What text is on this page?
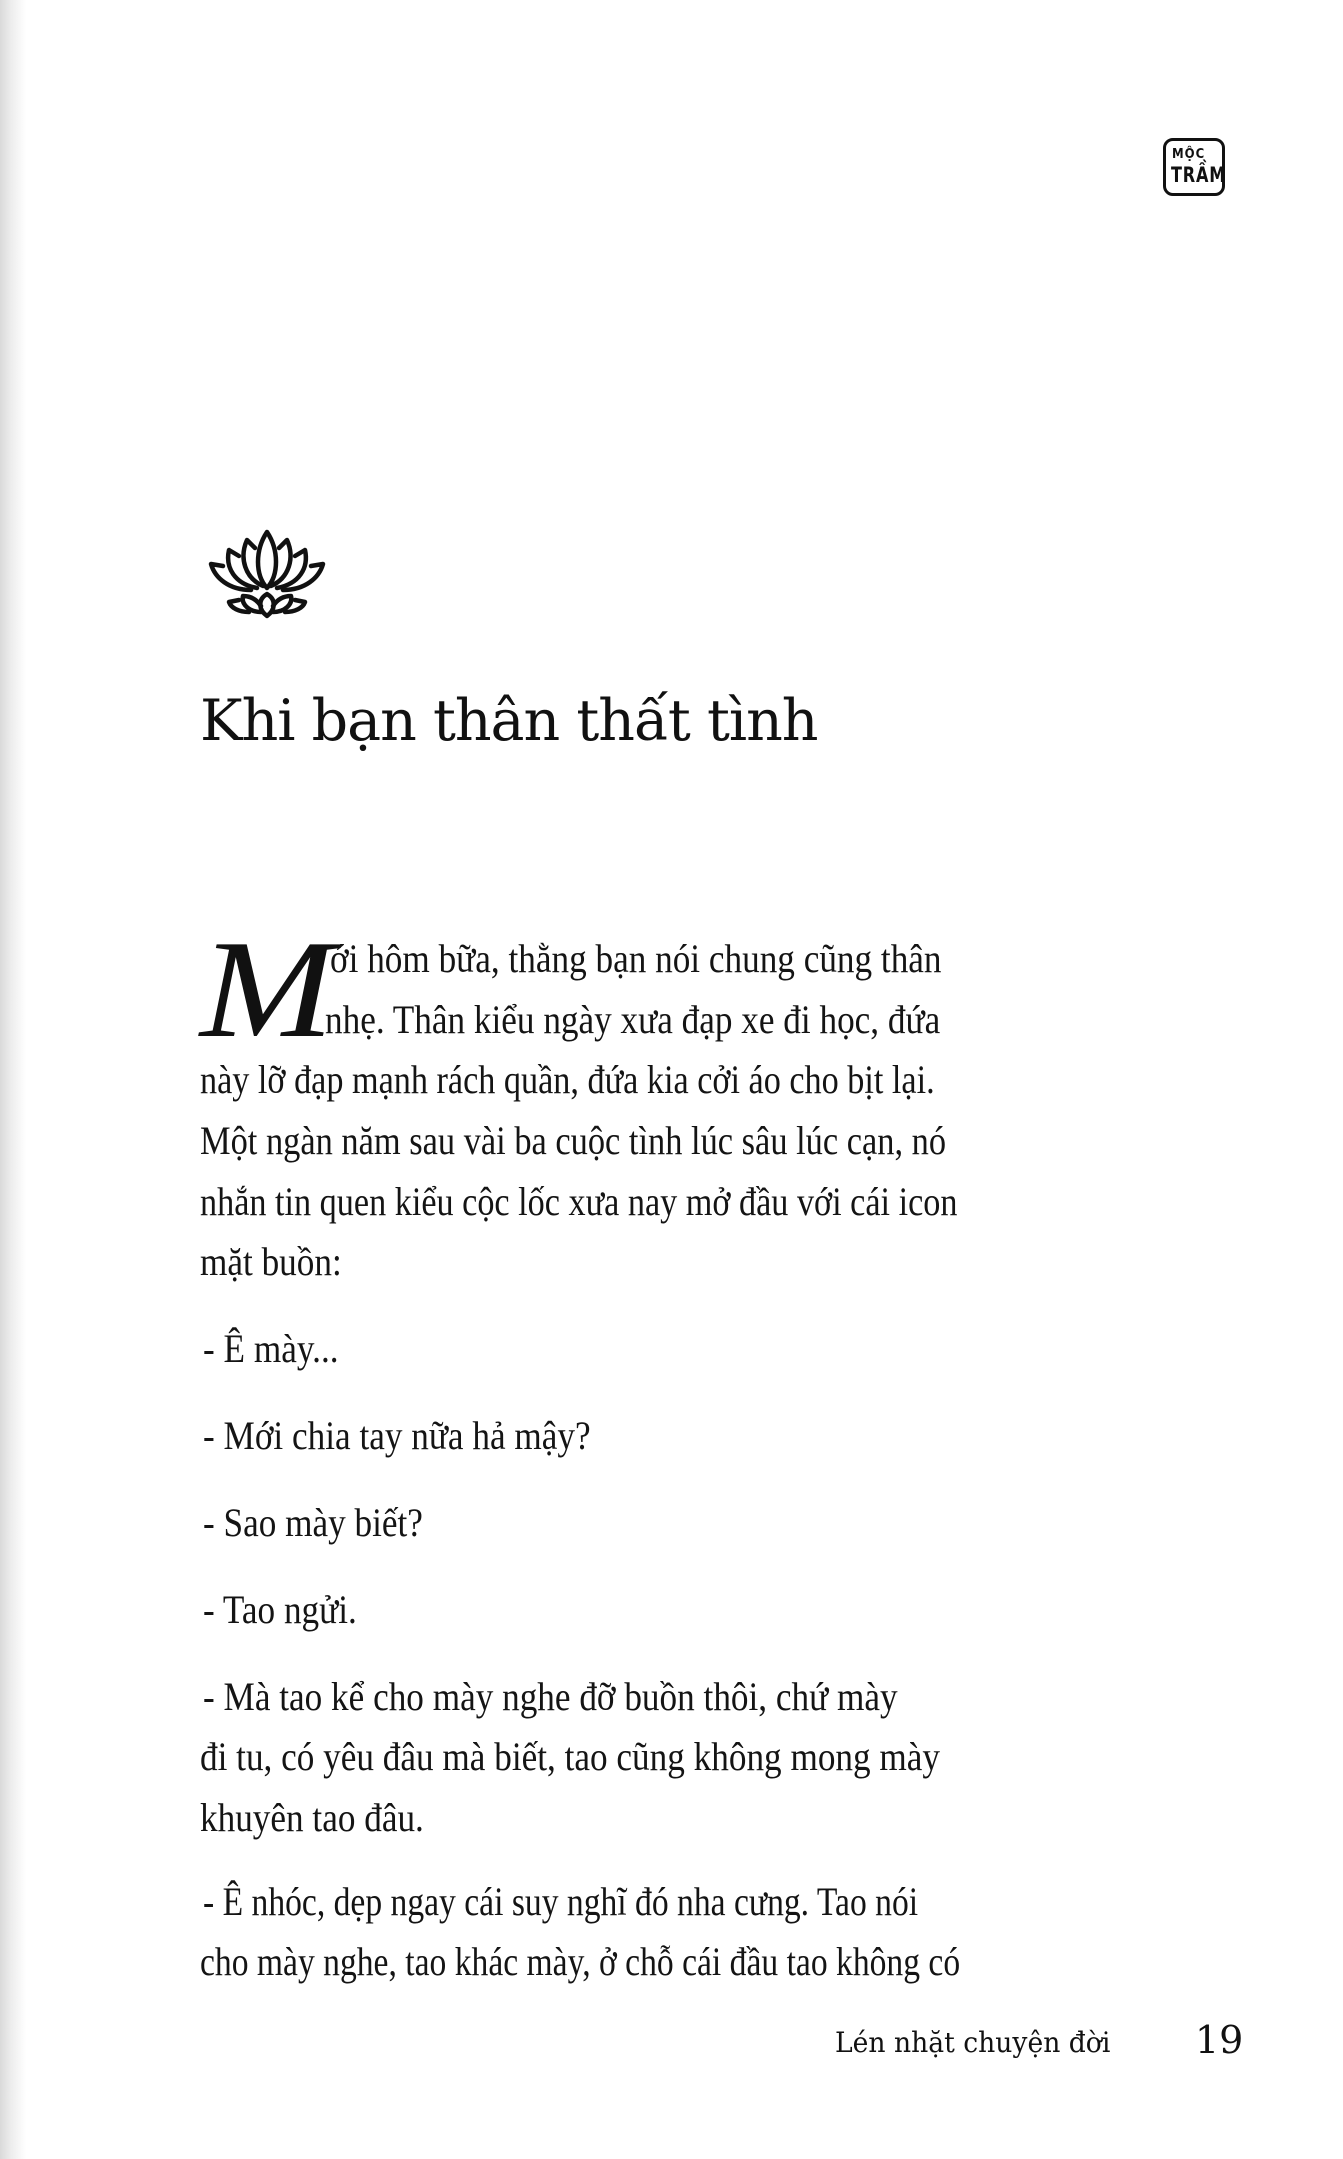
MỘC
TRẦM
Khi bạn thân thất tình
M
ới hôm bữa, thằng bạn nói chung cũng thân
nhẹ. Thân kiểu ngày xưa đạp xe đi học, đứa
này lỡ đạp mạnh rách quần, đứa kia cởi áo cho bịt lại.
Một ngàn năm sau vài ba cuộc tình lúc sâu lúc cạn, nó
nhắn tin quen kiểu cộc lốc xưa nay mở đầu với cái icon
mặt buồn:
- Ê mày...
- Mới chia tay nữa hả mậy?
- Sao mày biết?
- Tao ngửi.
- Mà tao kể cho mày nghe đỡ buồn thôi, chứ mày
đi tu, có yêu đâu mà biết, tao cũng không mong mày
khuyên tao đâu.
- Ê nhóc, dẹp ngay cái suy nghĩ đó nha cưng. Tao nói
cho mày nghe, tao khác mày, ở chỗ cái đầu tao không có
Lén nhặt chuyện đời 19
